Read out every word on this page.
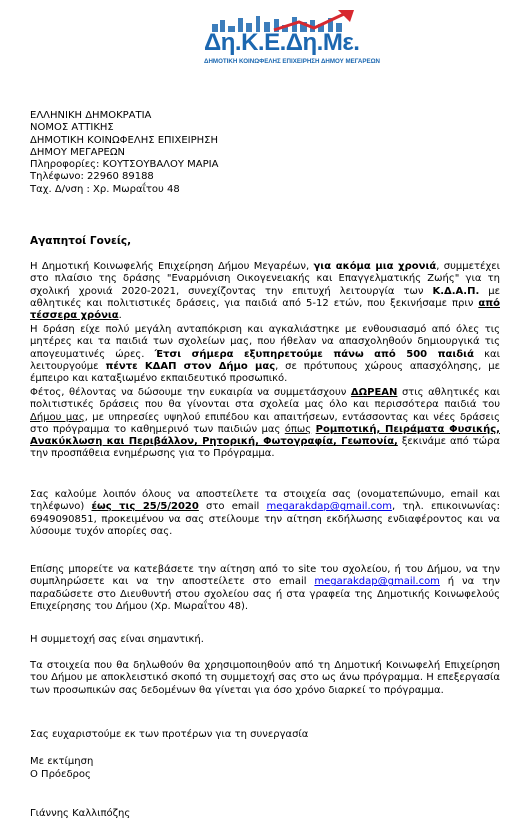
Δη.Κ.Ε.Δη.Με.
ΔΗΜΟΤΙΚΗ ΚΟΙΝΩΦΕΛΗΣ ΕΠΙΧΕΙΡΗΣΗ ΔΗΜΟΥ ΜΕΓΑΡΕΩΝ
ΕΛΛΗΝΙΚΗ ΔΗΜΟΚΡΑΤΙΑ
ΝΟΜΟΣ ΑΤΤΙΚΗΣ
ΔΗΜΟΤΙΚΗ ΚΟΙΝΩΦΕΛΗΣ ΕΠΙΧΕΙΡΗΣΗ
ΔΗΜΟΥ ΜΕΓΑΡΕΩΝ
Πληροφορίες: ΚΟΥΤΣΟΥΒΑΛΟΥ ΜΑΡΙΑ
Τηλέφωνο: 22960 89188
Ταχ. Δ/νση : Χρ. Μωραΐτου 48
Αγαπητοί Γονείς,
Η Δημοτική Κοινωφελής Επιχείρηση Δήμου Μεγαρέων, για ακόμα μια χρονιά, συμμετέχει στο πλαίσιο της δράσης "Εναρμόνιση Οικογενειακής και Επαγγελματικής Ζωής" για τη σχολική χρονιά 2020-2021, συνεχίζοντας την επιτυχή λειτουργία των Κ.Δ.Α.Π. με αθλητικές και πολιτιστικές δράσεις, για παιδιά από 5-12 ετών, που ξεκινήσαμε πριν από τέσσερα χρόνια.
Η δράση είχε πολύ μεγάλη ανταπόκριση και αγκαλιάστηκε με ενθουσιασμό από όλες τις μητέρες και τα παιδιά των σχολείων μας, που ήθελαν να απασχοληθούν δημιουργικά τις απογευματινές ώρες. Έτσι σήμερα εξυπηρετούμε πάνω από 500 παιδιά και λειτουργούμε πέντε ΚΔΑΠ στον Δήμο μας, σε πρότυπους χώρους απασχόλησης, με έμπειρο και καταξιωμένο εκπαιδευτικό προσωπικό.
Φέτος, θέλοντας να δώσουμε την ευκαιρία να συμμετάσχουν ΔΩΡΕΑΝ στις αθλητικές και πολιτιστικές δράσεις που θα γίνονται στα σχολεία μας όλο και περισσότερα παιδιά του Δήμου μας, με υπηρεσίες υψηλού επιπέδου και απαιτήσεων, εντάσσοντας και νέες δράσεις στο πρόγραμμα το καθημερινό των παιδιών μας όπως Ρομποτική, Πειράματα Φυσικής, Ανακύκλωση και Περιβάλλον, Ρητορική, Φωτογραφία, Γεωπονία, ξεκινάμε από τώρα την προσπάθεια ενημέρωσης για το Πρόγραμμα.
Σας καλούμε λοιπόν όλους να αποστείλετε τα στοιχεία σας (ονοματεπώνυμο, email και τηλέφωνο) έως τις 25/5/2020 στο email megarakdap@gmail.com, τηλ. επικοινωνίας: 6949090851, προκειμένου να σας στείλουμε την αίτηση εκδήλωσης ενδιαφέροντος και να λύσουμε τυχόν απορίες σας.
Επίσης μπορείτε να κατεβάσετε την αίτηση από το site του σχολείου, ή του Δήμου, να την συμπληρώσετε και να την αποστείλετε στο email megarakdap@gmail.com ή να την παραδώσετε στο Διευθυντή στου σχολείου σας ή στα γραφεία της Δημοτικής Κοινωφελούς Επιχείρησης του Δήμου (Χρ. Μωραΐτου 48).
Η συμμετοχή σας είναι σημαντική.
Τα στοιχεία που θα δηλωθούν θα χρησιμοποιηθούν από τη Δημοτική Κοινωφελή Επιχείρηση του Δήμου με αποκλειστικό σκοπό τη συμμετοχή σας στο ως άνω πρόγραμμα. Η επεξεργασία των προσωπικών σας δεδομένων θα γίνεται για όσο χρόνο διαρκεί το πρόγραμμα.
Σας ευχαριστούμε εκ των προτέρων για τη συνεργασία
Με εκτίμηση
Ο Πρόεδρος
Γιάννης Καλλιπόζης
